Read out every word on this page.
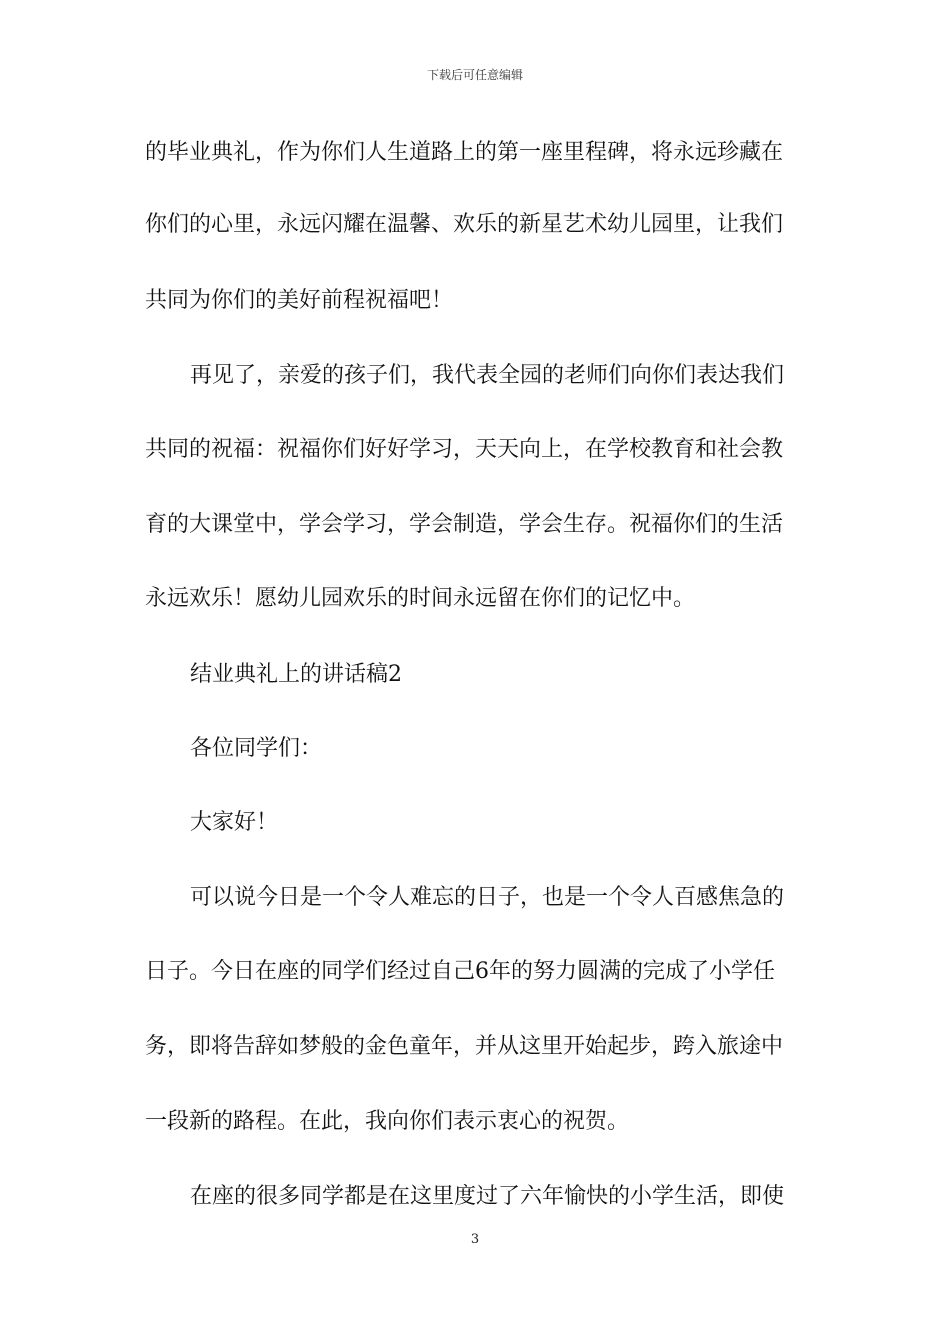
下载后可任意编辑
的毕业典礼，作为你们人生道路上的第一座里程碑，将永远珍藏在
你们的心里，永远闪耀在温馨、欢乐的新星艺术幼儿园里，让我们
共同为你们的美好前程祝福吧！
再见了，亲爱的孩子们，我代表全园的老师们向你们表达我们
共同的祝福：祝福你们好好学习，天天向上，在学校教育和社会教
育的大课堂中，学会学习，学会制造，学会生存。祝福你们的生活
永远欢乐！愿幼儿园欢乐的时间永远留在你们的记忆中。
结业典礼上的讲话稿2
各位同学们：
大家好！
可以说今日是一个令人难忘的日子，也是一个令人百感焦急的
日子。今日在座的同学们经过自己6年的努力圆满的完成了小学任
务，即将告辞如梦般的金色童年，并从这里开始起步，跨入旅途中
一段新的路程。在此，我向你们表示衷心的祝贺。
在座的很多同学都是在这里度过了六年愉快的小学生活，即使
3
